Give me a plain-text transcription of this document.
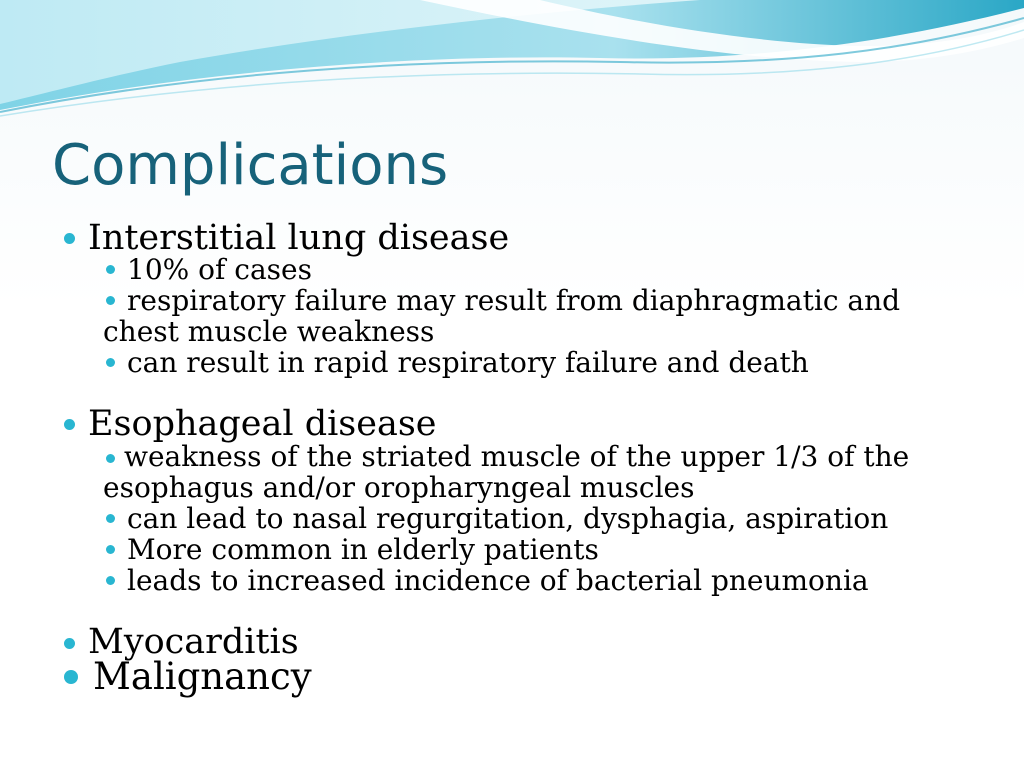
Complications
Interstitial lung disease
10% of cases
respiratory failure may result from diaphragmatic and
chest muscle weakness
can result in rapid respiratory failure and death
Esophageal disease
weakness of the striated muscle of the upper 1/3 of the
esophagus and/or oropharyngeal muscles
can lead to nasal regurgitation, dysphagia, aspiration
More common in elderly patients
leads to increased incidence of bacterial pneumonia
Myocarditis
Malignancy
